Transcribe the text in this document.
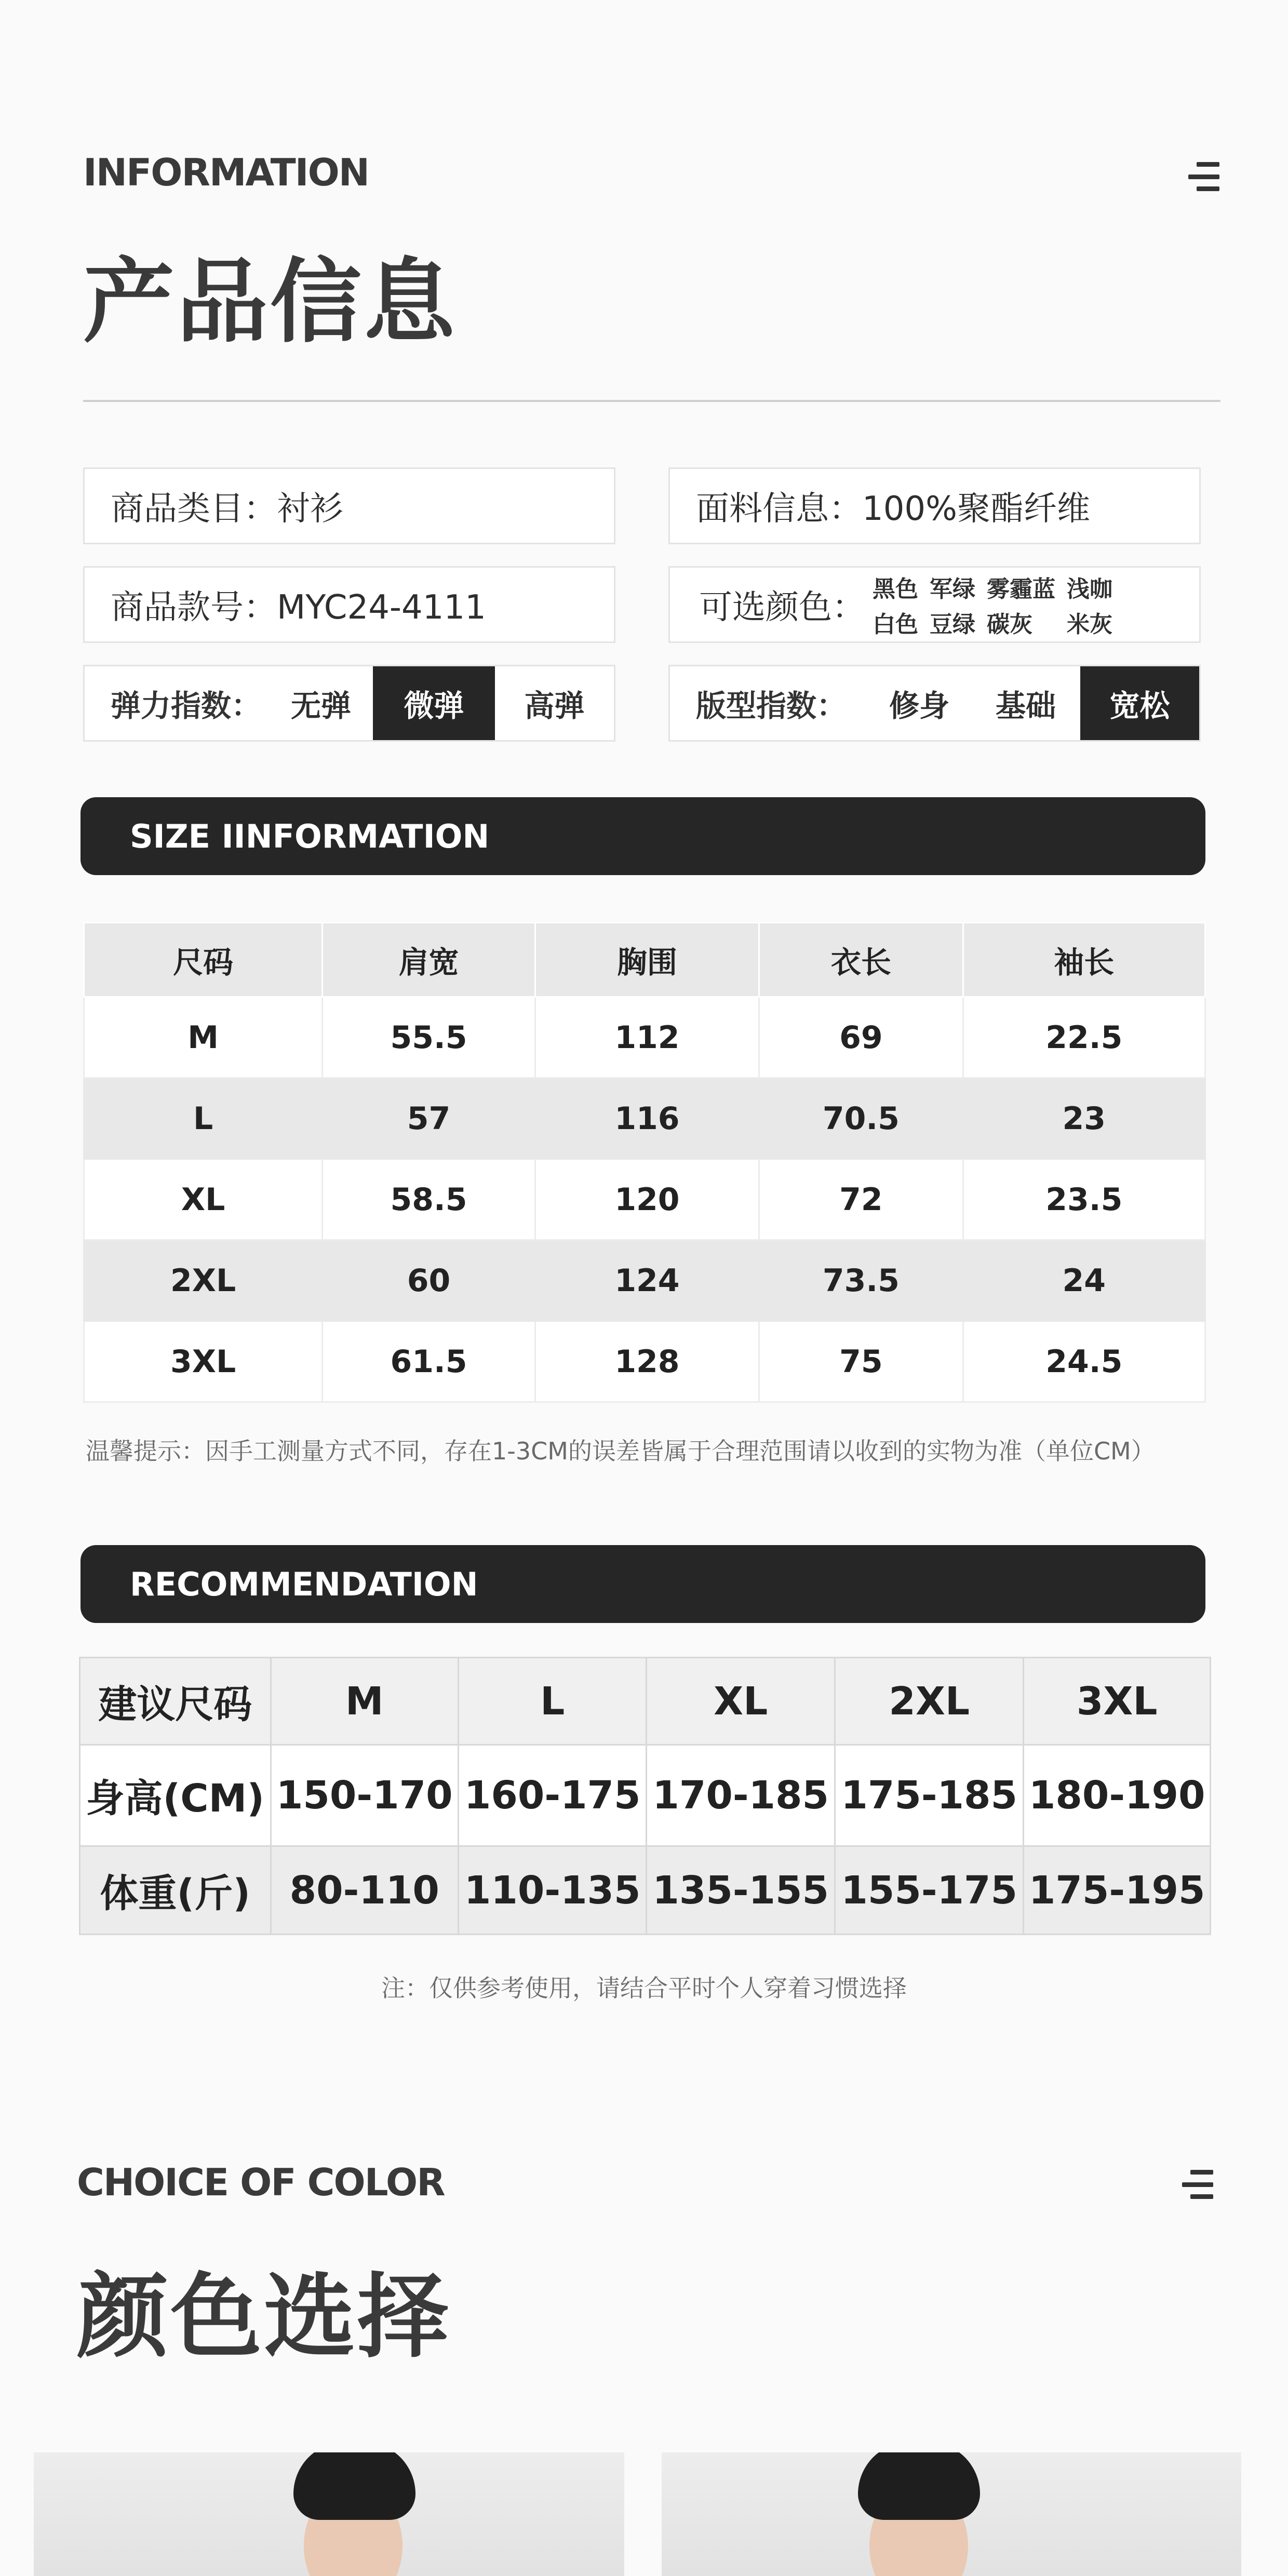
INFORMATION
产品信息
商品类目：衬衫	面料信息：100%聚酯纤维
商品款号：MYC24-4111	可选颜色： 黑色 军绿 雾霾蓝 浅咖
白色 豆绿 碳灰	米灰
弹力指数： 无弹	微弹	高弹	版型指数：	修身	基础	宽松
SIZE IINFORMATION
尺码	肩宽	胸围	衣长	袖长
M	55.5	112	69	22.5
L	57	116	70.5	23
XL	58.5	120	72	23.5
2XL	60	124	73.5	24
3XL	61.5	128	75	24.5
温馨提示：因手工测量方式不同，存在1-3CM的误差皆属于合理范围请以收到的实物为准（单位CM）
RECOMMENDATION
建议尺码	M	L	XL	2XL	3XL
身高(CM)	150-170	160-175	170-185	175-185	180-190
体重(斤)	80-110	110-135	135-155	155-175	175-195
注：仅供参考使用，请结合平时个人穿着习惯选择
CHOICE OF COLOR
颜色选择
